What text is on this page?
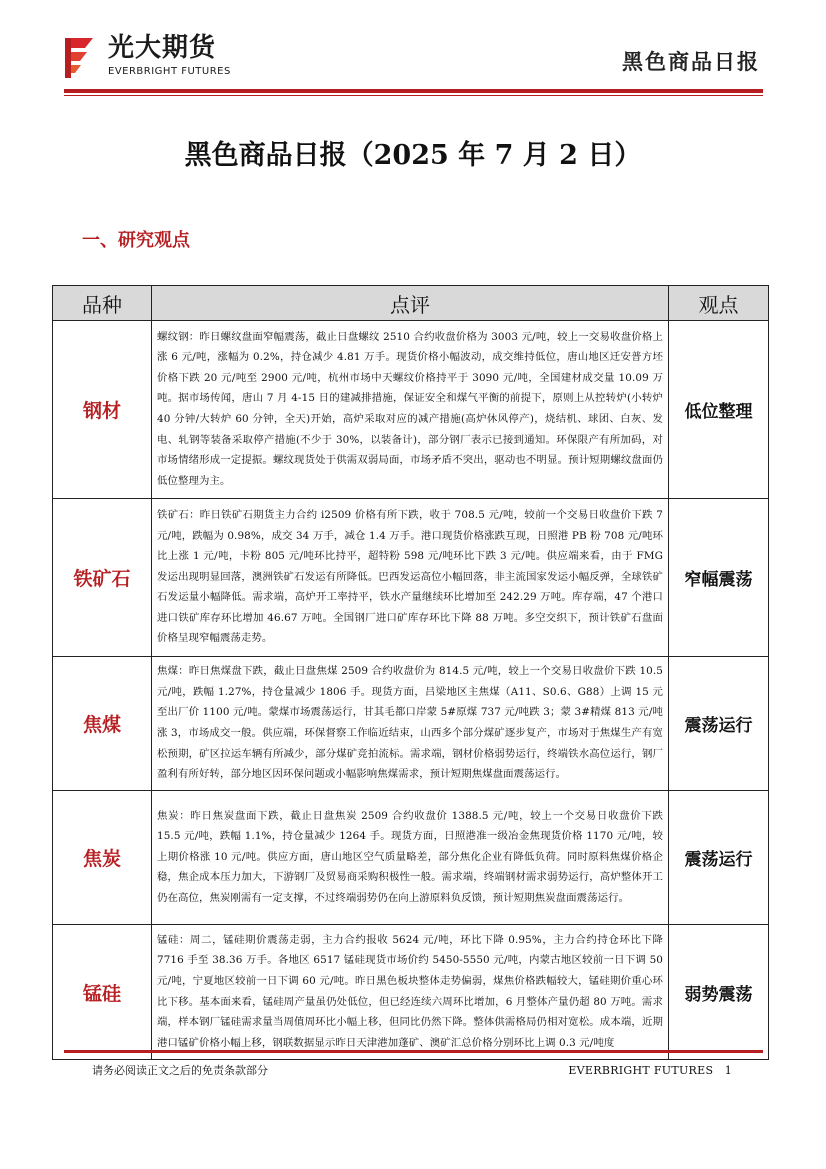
光大期货
EVERBRIGHT FUTURES	黑色商品日报
黑色商品日报（2025 年 7 月 2 日）
一、研究观点
品种	点评	观点
钢材	螺纹钢：昨日螺纹盘面窄幅震荡，截止日盘螺纹 2510 合约收盘价格为 3003 元/吨，较上一交易收盘价格上涨 6 元/吨，涨幅为 0.2%，持仓减少 4.81 万手。现货价格小幅波动，成交维持低位，唐山地区迁安普方坯价格下跌 20 元/吨至 2900 元/吨，杭州市场中天螺纹价格持平于 3090 元/吨，全国建材成交量 10.09 万吨。据市场传闻，唐山 7 月 4-15 日的建减排措施，保证安全和煤气平衡的前提下，原则上从控转炉(小转炉 40 分钟/大转炉 60 分钟，全天)开始，高炉采取对应的减产措施(高炉休风停产)，烧结机、球团、白灰、发电、轧钢等装备采取停产措施(不少于 30%，以装备计)，部分钢厂表示已接到通知。环保限产有所加码，对市场情绪形成一定提振。螺纹现货处于供需双弱局面，市场矛盾不突出，驱动也不明显。预计短期螺纹盘面仍低位整理为主。	低位整理
铁矿石	铁矿石：昨日铁矿石期货主力合约 i2509 价格有所下跌，收于 708.5 元/吨，较前一个交易日收盘价下跌 7 元/吨，跌幅为 0.98%，成交 34 万手，减仓 1.4 万手。港口现货价格涨跌互现，日照港 PB 粉 708 元/吨环比上涨 1 元/吨，卡粉 805 元/吨环比持平，超特粉 598 元/吨环比下跌 3 元/吨。供应端来看，由于 FMG 发运出现明显回落，澳洲铁矿石发运有所降低。巴西发运高位小幅回落，非主流国家发运小幅反弹，全球铁矿石发运量小幅降低。需求端，高炉开工率持平，铁水产量继续环比增加至 242.29 万吨。库存端，47 个港口进口铁矿库存环比增加 46.67 万吨。全国钢厂进口矿库存环比下降 88 万吨。多空交织下，预计铁矿石盘面价格呈现窄幅震荡走势。	窄幅震荡
焦煤	焦煤：昨日焦煤盘下跌，截止日盘焦煤 2509 合约收盘价为 814.5 元/吨，较上一个交易日收盘价下跌 10.5 元/吨，跌幅 1.27%，持仓量减少 1806 手。现货方面，吕梁地区主焦煤（A11、S0.6、G88）上调 15 元至出厂价 1100 元/吨。蒙煤市场震荡运行，甘其毛都口岸蒙 5#原煤 737 元/吨跌 3；蒙 3#精煤 813 元/吨涨 3，市场成交一般。供应端，环保督察工作临近结束，山西多个部分煤矿逐步复产，市场对于焦煤生产有宽松预期，矿区拉运车辆有所减少，部分煤矿竞拍流标。需求端，钢材价格弱势运行，终端铁水高位运行，钢厂盈利有所好转，部分地区因环保问题或小幅影响焦煤需求，预计短期焦煤盘面震荡运行。	震荡运行
焦炭	焦炭：昨日焦炭盘面下跌，截止日盘焦炭 2509 合约收盘价 1388.5 元/吨，较上一个交易日收盘价下跌 15.5 元/吨，跌幅 1.1%，持仓量减少 1264 手。现货方面，日照港准一级冶金焦现货价格 1170 元/吨，较上期价格涨 10 元/吨。供应方面，唐山地区空气质量略差，部分焦化企业有降低负荷。同时原料焦煤价格企稳，焦企成本压力加大，下游钢厂及贸易商采购积极性一般。需求端，终端钢材需求弱势运行，高炉整体开工仍在高位，焦炭刚需有一定支撑，不过终端弱势仍在向上游原料负反馈，预计短期焦炭盘面震荡运行。	震荡运行
锰硅	锰硅：周二，锰硅期价震荡走弱，主力合约报收 5624 元/吨，环比下降 0.95%，主力合约持仓环比下降 7716 手至 38.36 万手。各地区 6517 锰硅现货市场价约 5450-5550 元/吨，内蒙古地区较前一日下调 50 元/吨，宁夏地区较前一日下调 60 元/吨。昨日黑色板块整体走势偏弱，煤焦价格跌幅较大，锰硅期价重心环比下移。基本面来看，锰硅周产量虽仍处低位，但已经连续六周环比增加，6 月整体产量仍超 80 万吨。需求端，样本钢厂锰硅需求量当周值周环比小幅上移，但同比仍然下降。整体供需格局仍相对宽松。成本端，近期港口锰矿价格小幅上移，钢联数据显示昨日天津港加蓬矿、澳矿汇总价格分别环比上调 0.3 元/吨度	弱势震荡
请务必阅读正文之后的免责条款部分	EVERBRIGHT FUTURES 1
